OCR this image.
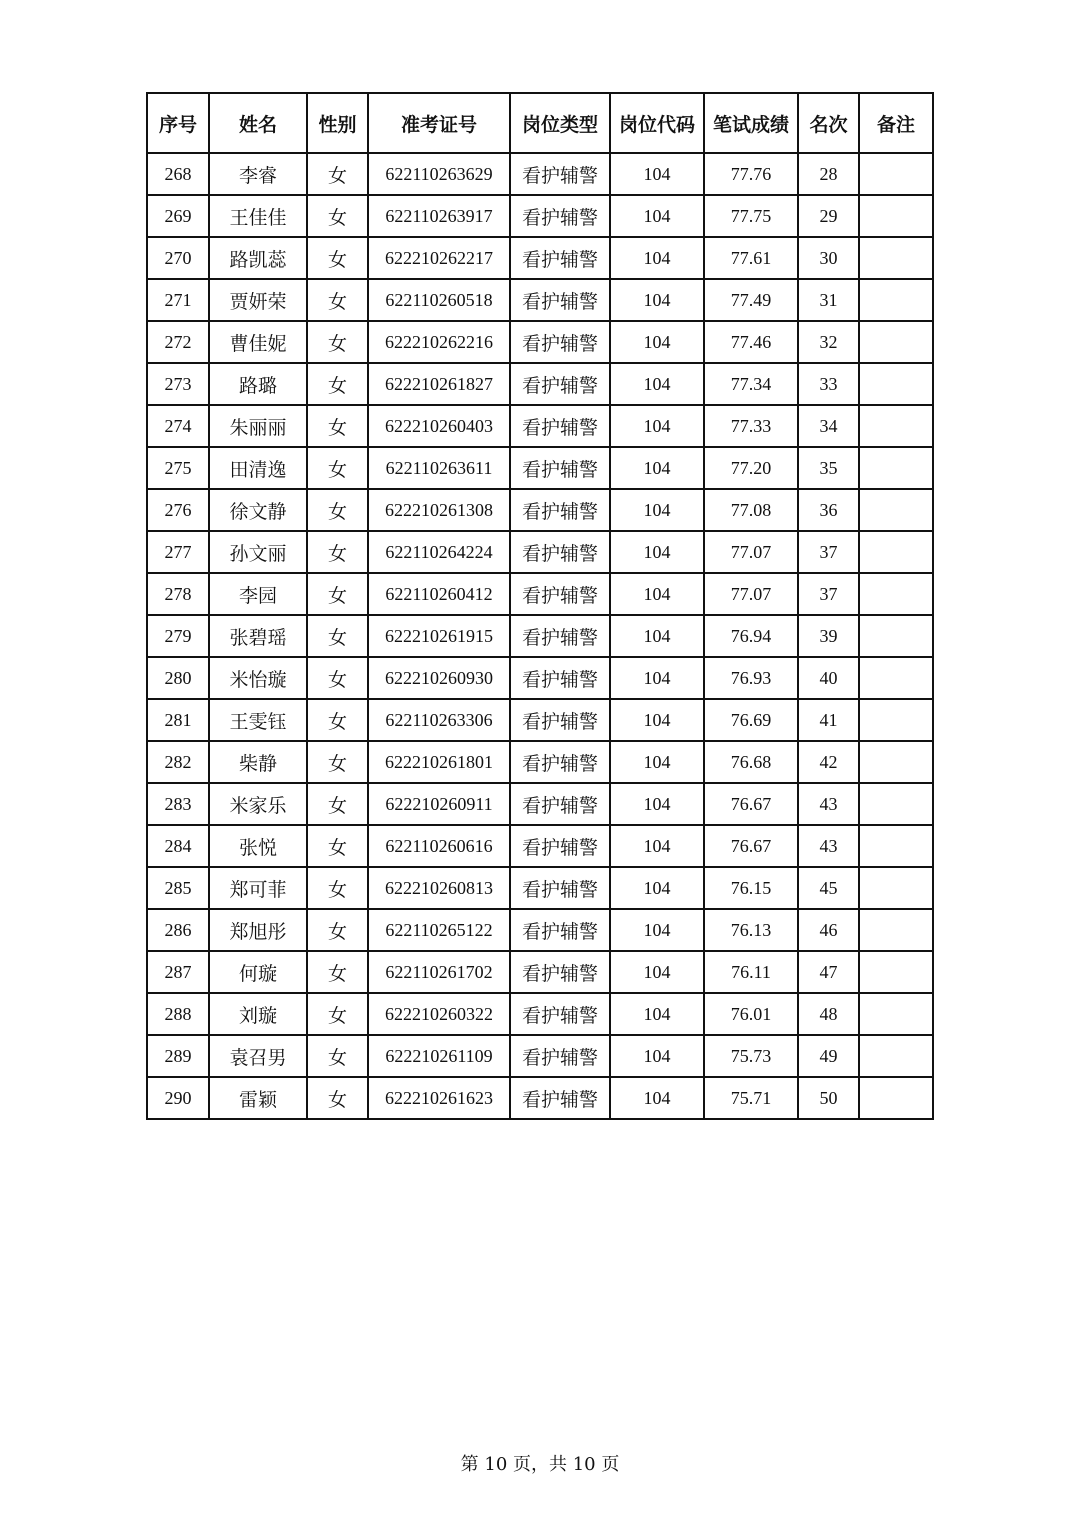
序号	姓名	性别	准考证号	岗位类型	岗位代码	笔试成绩	名次	备注
268	李睿	女	622110263629	看护辅警	104	77.76	28	
269	王佳佳	女	622110263917	看护辅警	104	77.75	29	
270	路凯蕊	女	622210262217	看护辅警	104	77.61	30	
271	贾妍荣	女	622110260518	看护辅警	104	77.49	31	
272	曹佳妮	女	622210262216	看护辅警	104	77.46	32	
273	路璐	女	622210261827	看护辅警	104	77.34	33	
274	朱丽丽	女	622210260403	看护辅警	104	77.33	34	
275	田清逸	女	622110263611	看护辅警	104	77.20	35	
276	徐文静	女	622210261308	看护辅警	104	77.08	36	
277	孙文丽	女	622110264224	看护辅警	104	77.07	37	
278	李园	女	622110260412	看护辅警	104	77.07	37	
279	张碧瑶	女	622210261915	看护辅警	104	76.94	39	
280	米怡璇	女	622210260930	看护辅警	104	76.93	40	
281	王雯钰	女	622110263306	看护辅警	104	76.69	41	
282	柴静	女	622210261801	看护辅警	104	76.68	42	
283	米家乐	女	622210260911	看护辅警	104	76.67	43	
284	张悦	女	622110260616	看护辅警	104	76.67	43	
285	郑可菲	女	622210260813	看护辅警	104	76.15	45	
286	郑旭彤	女	622110265122	看护辅警	104	76.13	46	
287	何璇	女	622110261702	看护辅警	104	76.11	47	
288	刘璇	女	622210260322	看护辅警	104	76.01	48	
289	袁召男	女	622210261109	看护辅警	104	75.73	49	
290	雷颖	女	622210261623	看护辅警	104	75.71	50	
第 10 页，共 10 页
